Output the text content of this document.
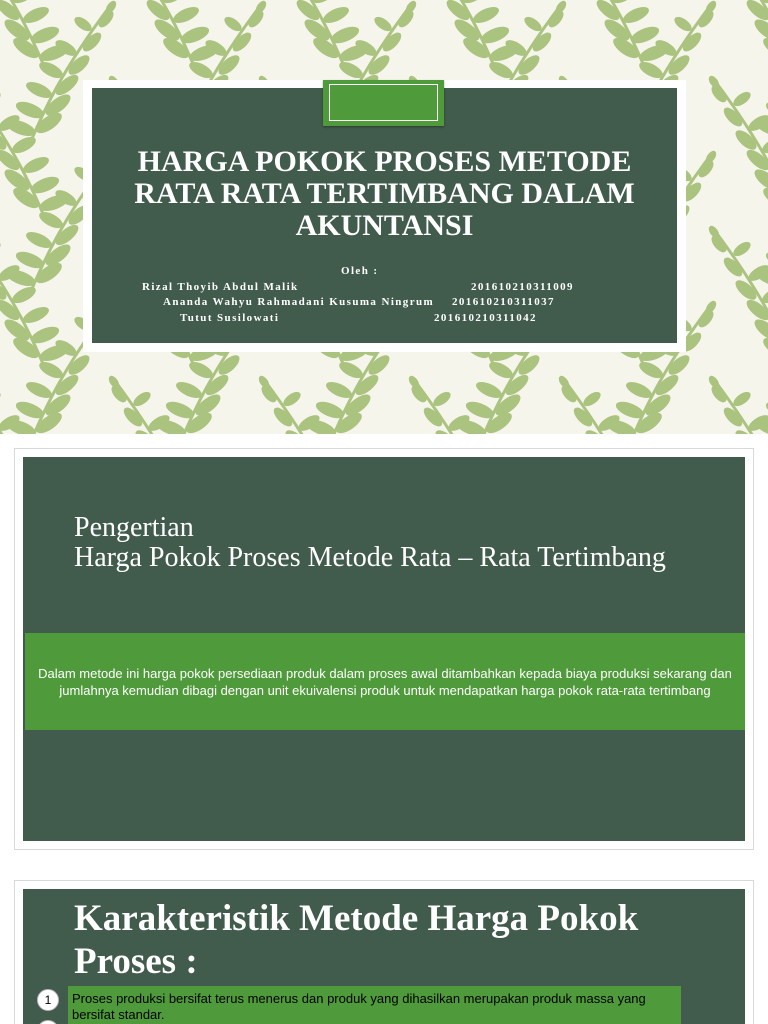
HARGA POKOK PROSES METODE RATA RATA TERTIMBANG DALAM AKUNTANSI
Oleh :
Rizal Thoyib Abdul Malik	201610210311009
Ananda Wahyu Rahmadani Kusuma Ningrum 201610210311037
Tutut Susilowati	201610210311042
Pengertian
Harga Pokok Proses Metode Rata – Rata Tertimbang

Dalam metode ini harga pokok persediaan produk dalam proses awal ditambahkan kepada biaya produksi sekarang dan jumlahnya kemudian dibagi dengan unit ekuivalensi produk untuk mendapatkan harga pokok rata-rata tertimbang

Karakteristik Metode Harga Pokok Proses :
1	Proses produksi bersifat terus menerus dan produk yang dihasilkan merupakan produk massa yang bersifat standar.
